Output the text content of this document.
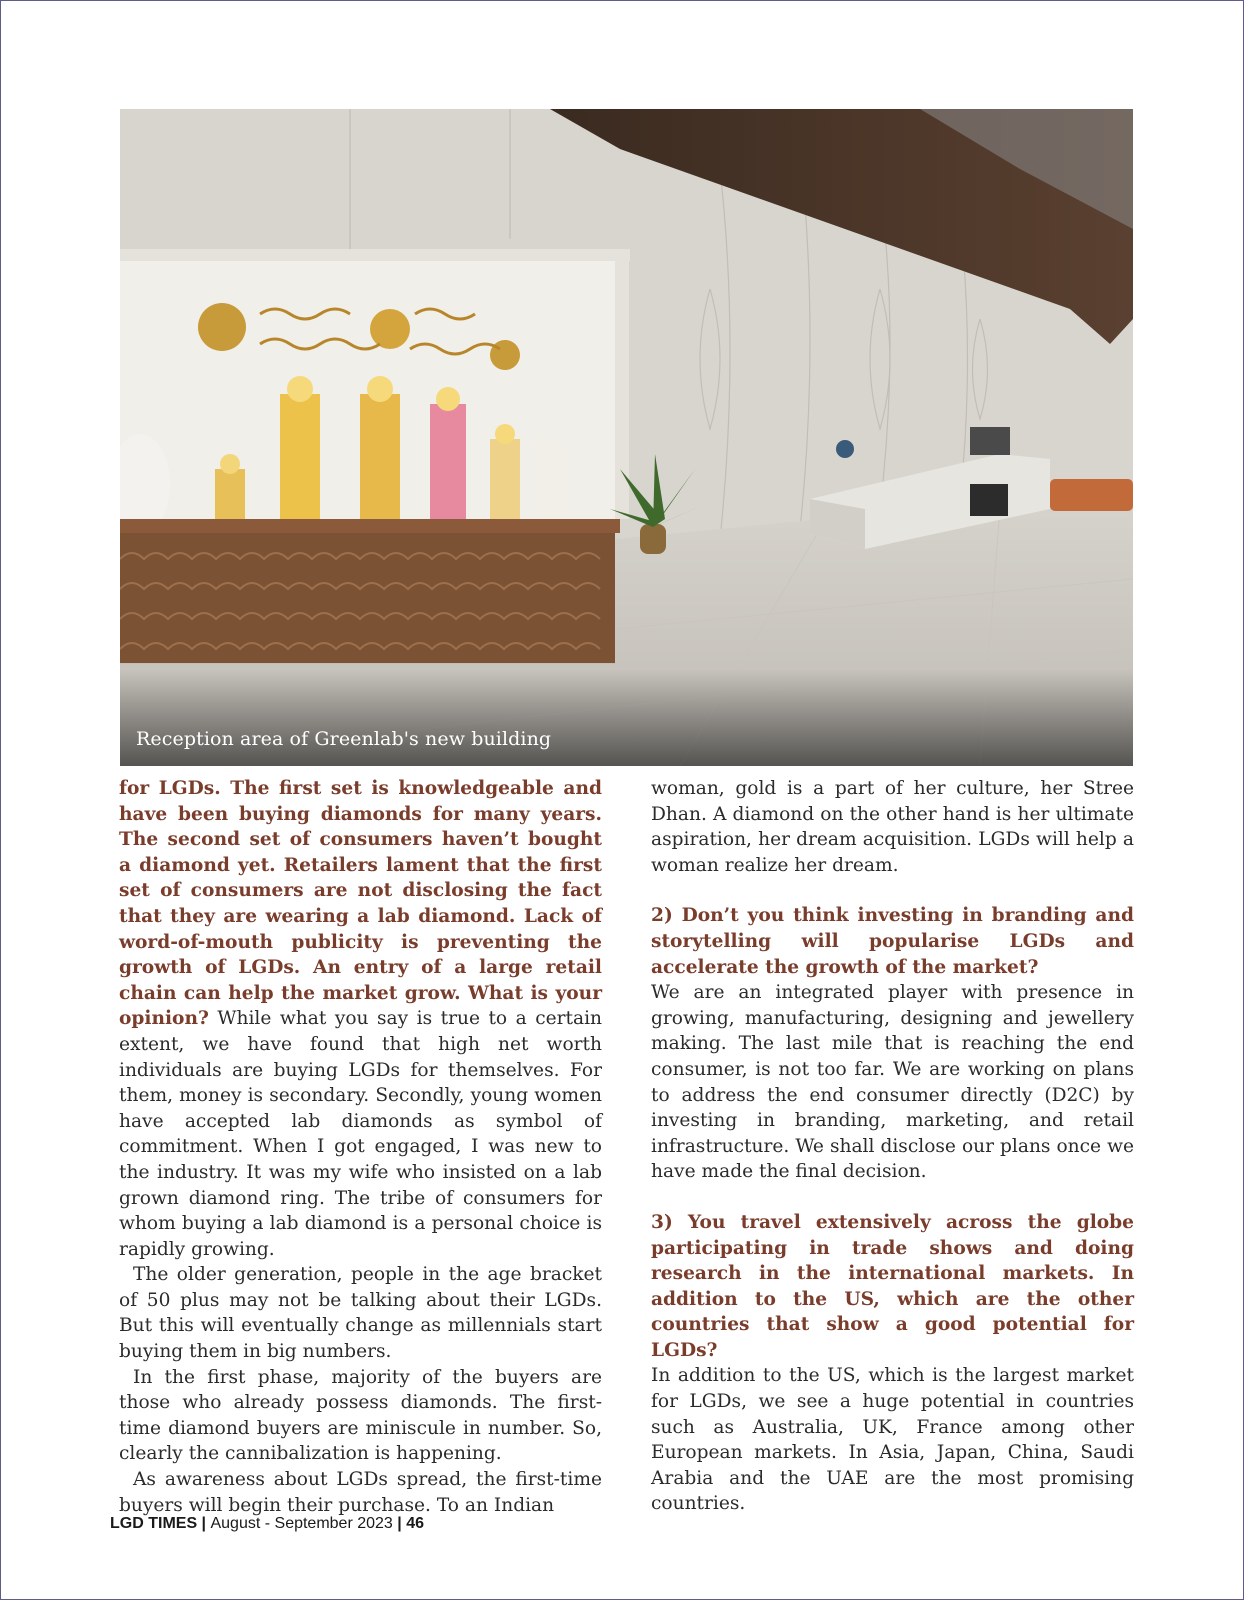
Reception area of Greenlab's new building

for LGDs. The first set is knowledgeable and have been buying diamonds for many years. The second set of consumers haven’t bought a diamond yet. Retailers lament that the first set of consumers are not disclosing the fact that they are wearing a lab diamond. Lack of word-of-mouth publicity is preventing the growth of LGDs. An entry of a large retail chain can help the market grow. What is your opinion? While what you say is true to a certain extent, we have found that high net worth individuals are buying LGDs for themselves. For them, money is secondary. Secondly, young women have accepted lab diamonds as symbol of commitment. When I got engaged, I was new to the industry. It was my wife who insisted on a lab grown diamond ring. The tribe of consumers for whom buying a lab diamond is a personal choice is rapidly growing.

The older generation, people in the age bracket of 50 plus may not be talking about their LGDs. But this will eventually change as millennials start buying them in big numbers.

In the first phase, majority of the buyers are those who already possess diamonds. The first-time diamond buyers are miniscule in number. So, clearly the cannibalization is happening.

As awareness about LGDs spread, the first-time buyers will begin their purchase. To an Indian

woman, gold is a part of her culture, her Stree Dhan. A diamond on the other hand is her ultimate aspiration, her dream acquisition. LGDs will help a woman realize her dream.

2) Don’t you think investing in branding and storytelling will popularise LGDs and accelerate the growth of the market?

We are an integrated player with presence in growing, manufacturing, designing and jewellery making. The last mile that is reaching the end consumer, is not too far. We are working on plans to address the end consumer directly (D2C) by investing in branding, marketing, and retail infrastructure. We shall disclose our plans once we have made the final decision.

3) You travel extensively across the globe participating in trade shows and doing research in the international markets. In addition to the US, which are the other countries that show a good potential for LGDs?

In addition to the US, which is the largest market for LGDs, we see a huge potential in countries such as Australia, UK, France among other European markets. In Asia, Japan, China, Saudi Arabia and the UAE are the most promising countries.

LGD TIMES | August - September 2023 | 46
